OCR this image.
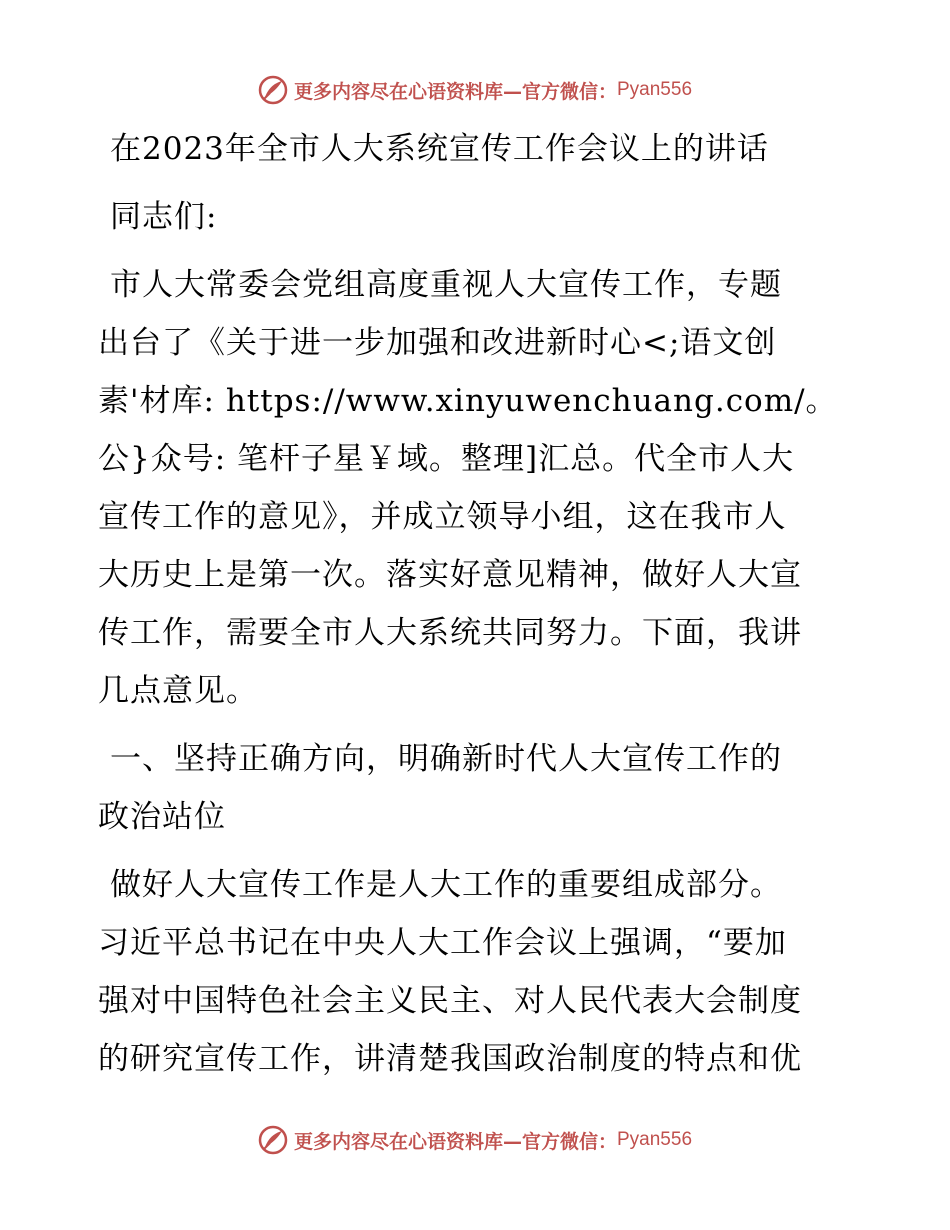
更多内容尽在心语资料库—官方微信： Pyan556
在2023年全市人大系统宣传工作会议上的讲话
同志们:
市人大常委会党组高度重视人大宣传工作，专题
出台了《关于进一步加强和改进新时心<;语文创
素'材库: https://www.xinyuwenchuang.com/。
公}众号: 笔杆子星￥域。整理]汇总。代全市人大
宣传工作的意见》，并成立领导小组，这在我市人
大历史上是第一次。落实好意见精神，做好人大宣
传工作，需要全市人大系统共同努力。下面，我讲
几点意见。
一、坚持正确方向，明确新时代人大宣传工作的
政治站位
做好人大宣传工作是人大工作的重要组成部分。
习近平总书记在中央人大工作会议上强调，“要加
强对中国特色社会主义民主、对人民代表大会制度
的研究宣传工作，讲清楚我国政治制度的特点和优
更多内容尽在心语资料库—官方微信： Pyan556
